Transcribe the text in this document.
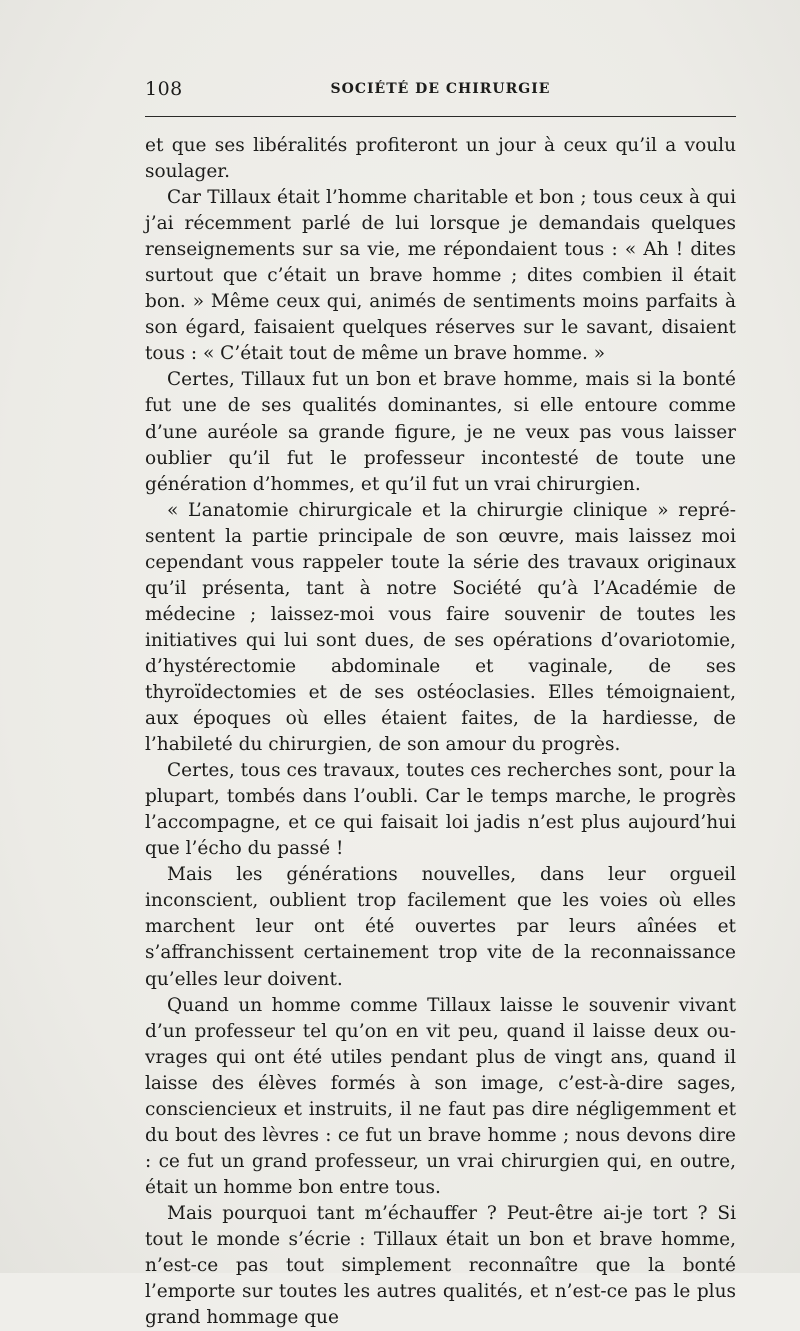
108	SOCIÉTÉ DE CHIRURGIE

et que ses libéralités profiteront un jour à ceux qu’il a voulu soulager.

Car Tillaux était l’homme charitable et bon ; tous ceux à qui j’ai récemment parlé de lui lorsque je demandais quelques renseignements sur sa vie, me répondaient tous : « Ah ! dites surtout que c’était un brave homme ; dites combien il était bon. » Même ceux qui, animés de sentiments moins parfaits à son égard, faisaient quelques réserves sur le savant, disaient tous : « C’était tout de même un brave homme. »

Certes, Tillaux fut un bon et brave homme, mais si la bonté fut une de ses qualités dominantes, si elle entoure comme d’une auréole sa grande figure, je ne veux pas vous laisser oublier qu’il fut le professeur incontesté de toute une génération d’hommes, et qu’il fut un vrai chirurgien.

« L’anatomie chirurgicale et la chirurgie clinique » représentent la partie principale de son œuvre, mais laissez moi cependant vous rappeler toute la série des travaux originaux qu’il présenta, tant à notre Société qu’à l’Académie de médecine ; laissez-moi vous faire souvenir de toutes les initiatives qui lui sont dues, de ses opérations d’ovariotomie, d’hystérectomie abdominale et vaginale, de ses thyroïdectomies et de ses ostéoclasies. Elles témoignaient, aux époques où elles étaient faites, de la hardiesse, de l’habileté du chirurgien, de son amour du progrès.

Certes, tous ces travaux, toutes ces recherches sont, pour la plupart, tombés dans l’oubli. Car le temps marche, le progrès l’accompagne, et ce qui faisait loi jadis n’est plus aujourd’hui que l’écho du passé !

Mais les générations nouvelles, dans leur orgueil inconscient, oublient trop facilement que les voies où elles marchent leur ont été ouvertes par leurs aînées et s’affranchissent certainement trop vite de la reconnaissance qu’elles leur doivent.

Quand un homme comme Tillaux laisse le souvenir vivant d’un professeur tel qu’on en vit peu, quand il laisse deux ouvrages qui ont été utiles pendant plus de vingt ans, quand il laisse des élèves formés à son image, c’est-à-dire sages, consciencieux et instruits, il ne faut pas dire négligemment et du bout des lèvres : ce fut un brave homme ; nous devons dire : ce fut un grand professeur, un vrai chirurgien qui, en outre, était un homme bon entre tous.

Mais pourquoi tant m’échauffer ? Peut-être ai-je tort ? Si tout le monde s’écrie : Tillaux était un bon et brave homme, n’est-ce pas tout simplement reconnaître que la bonté l’emporte sur toutes les autres qualités, et n’est-ce pas le plus grand hommage que
